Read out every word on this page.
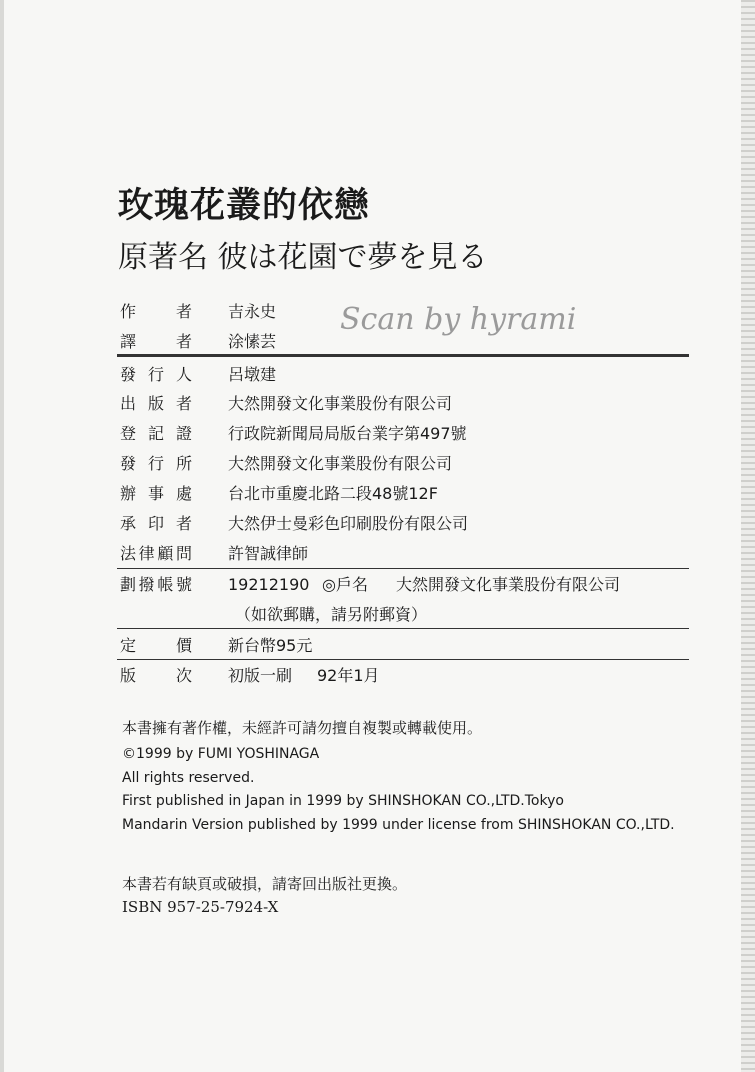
玫瑰花叢的依戀
原著名 彼は花園で夢を見る
Scan by hyrami
作者 吉永史
譯者 涂愫芸
發行人 呂墩建
出版者 大然開發文化事業股份有限公司
登記證 行政院新聞局局版台業字第497號
發行所 大然開發文化事業股份有限公司
辦事處 台北市重慶北路二段48號12F
承印者 大然伊士曼彩色印刷股份有限公司
法律顧問 許智誠律師
劃撥帳號 19212190 ◎戶名 大然開發文化事業股份有限公司
（如欲郵購，請另附郵資）
定價 新台幣95元
版次 初版一刷 92年1月
本書擁有著作權，未經許可請勿擅自複製或轉載使用。
©1999 by FUMI YOSHINAGA
All rights reserved.
First published in Japan in 1999 by SHINSHOKAN CO.,LTD.Tokyo
Mandarin Version published by 1999 under license from SHINSHOKAN CO.,LTD.
本書若有缺頁或破損，請寄回出版社更換。
ISBN 957-25-7924-X
